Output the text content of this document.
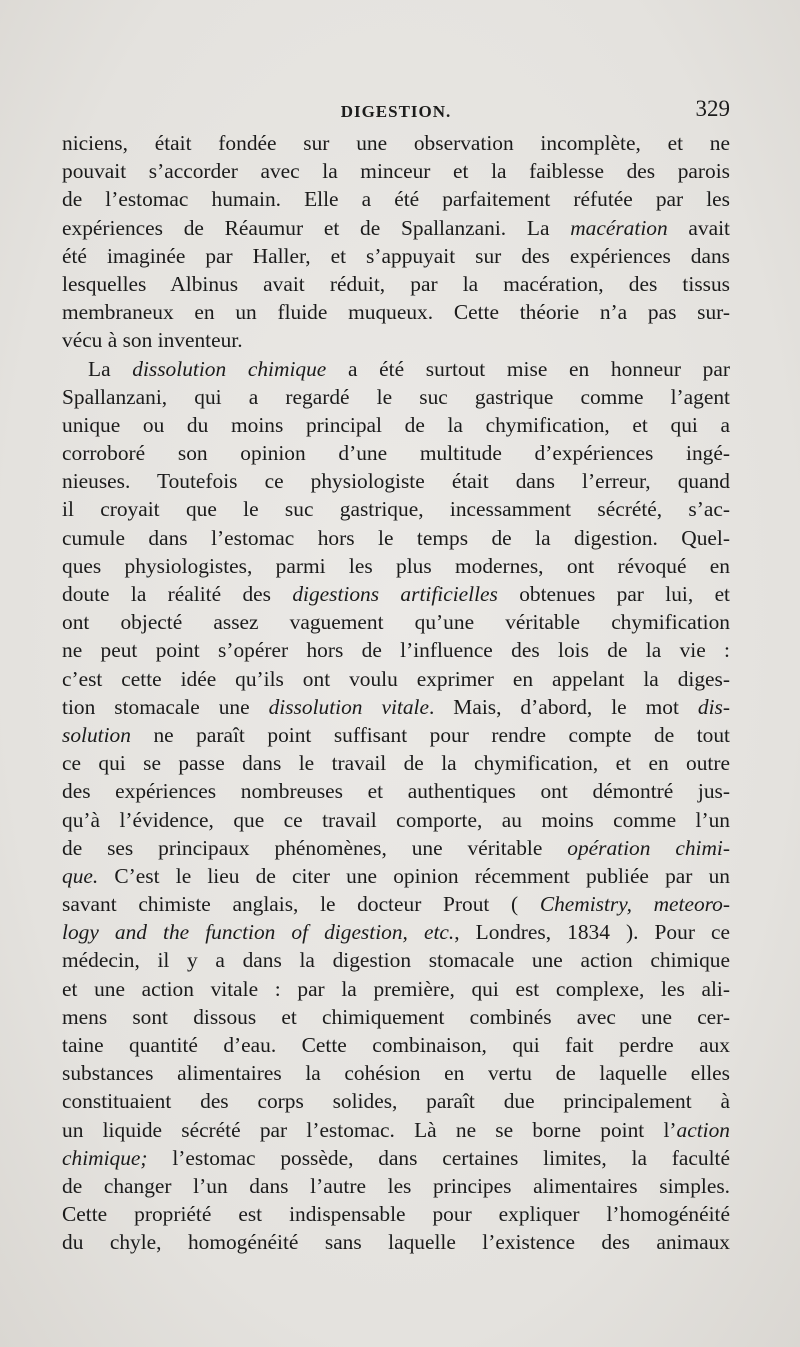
DIGESTION.	329
niciens, était fondée sur une observation incomplète, et ne
pouvait s’accorder avec la minceur et la faiblesse des parois
de l’estomac humain. Elle a été parfaitement réfutée par les
expériences de Réaumur et de Spallanzani. La macération avait
été imaginée par Haller, et s’appuyait sur des expériences dans
lesquelles Albinus avait réduit, par la macération, des tissus
membraneux en un fluide muqueux. Cette théorie n’a pas sur-
vécu à son inventeur.
La dissolution chimique a été surtout mise en honneur par
Spallanzani, qui a regardé le suc gastrique comme l’agent
unique ou du moins principal de la chymification, et qui a
corroboré son opinion d’une multitude d’expériences ingé-
nieuses. Toutefois ce physiologiste était dans l’erreur, quand
il croyait que le suc gastrique, incessamment sécrété, s’ac-
cumule dans l’estomac hors le temps de la digestion. Quel-
ques physiologistes, parmi les plus modernes, ont révoqué en
doute la réalité des digestions artificielles obtenues par lui, et
ont objecté assez vaguement qu’une véritable chymification
ne peut point s’opérer hors de l’influence des lois de la vie :
c’est cette idée qu’ils ont voulu exprimer en appelant la diges-
tion stomacale une dissolution vitale. Mais, d’abord, le mot dis-
solution ne paraît point suffisant pour rendre compte de tout
ce qui se passe dans le travail de la chymification, et en outre
des expériences nombreuses et authentiques ont démontré jus-
qu’à l’évidence, que ce travail comporte, au moins comme l’un
de ses principaux phénomènes, une véritable opération chimi-
que. C’est le lieu de citer une opinion récemment publiée par un
savant chimiste anglais, le docteur Prout ( Chemistry, meteoro-
logy and the function of digestion, etc., Londres, 1834 ). Pour ce
médecin, il y a dans la digestion stomacale une action chimique
et une action vitale : par la première, qui est complexe, les ali-
mens sont dissous et chimiquement combinés avec une cer-
taine quantité d’eau. Cette combinaison, qui fait perdre aux
substances alimentaires la cohésion en vertu de laquelle elles
constituaient des corps solides, paraît due principalement à
un liquide sécrété par l’estomac. Là ne se borne point l’action
chimique; l’estomac possède, dans certaines limites, la faculté
de changer l’un dans l’autre les principes alimentaires simples.
Cette propriété est indispensable pour expliquer l’homogénéité
du chyle, homogénéité sans laquelle l’existence des animaux
